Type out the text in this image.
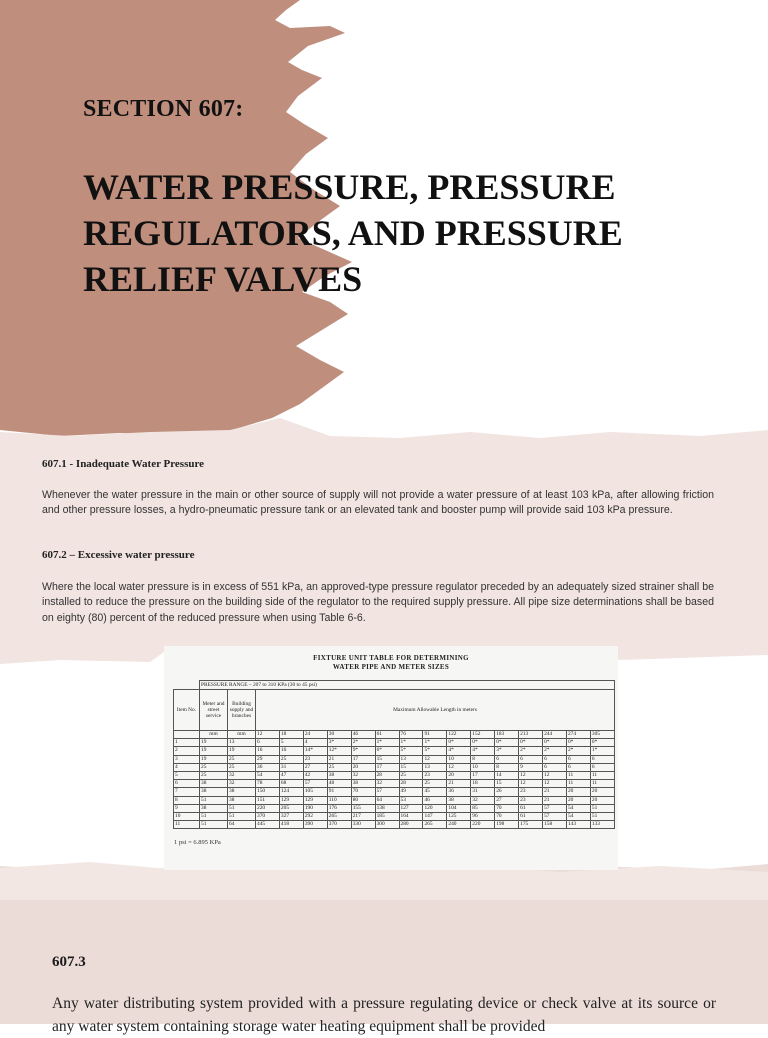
SECTION 607:
WATER PRESSURE, PRESSURE
REGULATORS, AND PRESSURE
RELIEF VALVES
607.1 - Inadequate Water Pressure

Whenever the water pressure in the main or other source of supply will not provide a water pressure of at least 103 kPa, after allowing friction and other pressure losses, a hydro-pneumatic pressure tank or an elevated tank and booster pump will provide said 103 kPa pressure.

607.2 – Excessive water pressure

Where the local water pressure is in excess of 551 kPa, an approved-type pressure regulator preceded by an adequately sized strainer shall be installed to reduce the pressure on the building side of the regulator to the required supply pressure. All pipe size determinations shall be based on eighty (80) percent of the reduced pressure when using Table 6-6.

FIXTURE UNIT TABLE FOR DETERMINING
WATER PIPE AND METER SIZES
	PRESSURE RANGE – 207 to 310 KPa (30 to 45 psi)																
Item No.	Meter and street service	Building supply and branches	Maximum Allowable Length in meters														
	mm	mm	12	18	24	30	46	61	76	91	122	152	183	213	244	274	305
1	19	13	6	5	4	3*	2*	1*	1*	1*	0*	0*	0*	0*	0*	0*	0*
2	19	19	16	16	14*	12*	9*	6*	5*	5*	4*	4*	3*	2*	2*	2*	1*
3	19	25	29	25	23	21	17	15	13	12	10	8	6	6	6	6	6
4	25	25	36	31	27	25	20	17	15	13	12	10	8	9	6	6	6
5	25	32	54	47	42	38	32	28	25	23	20	17	14	12	12	11	11
6	38	32	78	68	57	48	38	32	28	25	21	18	15	12	12	11	11
7	38	38	150	124	105	91	70	57	49	45	36	31	26	23	21	20	20
8	51	38	151	129	129	110	80	64	53	46	38	32	27	23	21	20	20
9	38	51	220	205	190	176	155	138	127	120	104	85	70	61	57	54	51
10	51	51	370	327	292	265	217	185	164	147	125	96	70	61	57	54	51
11	51	64	445	418	390	370	330	300	280	265	240	220	198	175	158	143	133
1 psi = 6.895 KPa
607.3

Any water distributing system provided with a pressure regulating device or check valve at its source or any water system containing storage water heating equipment shall be provided
